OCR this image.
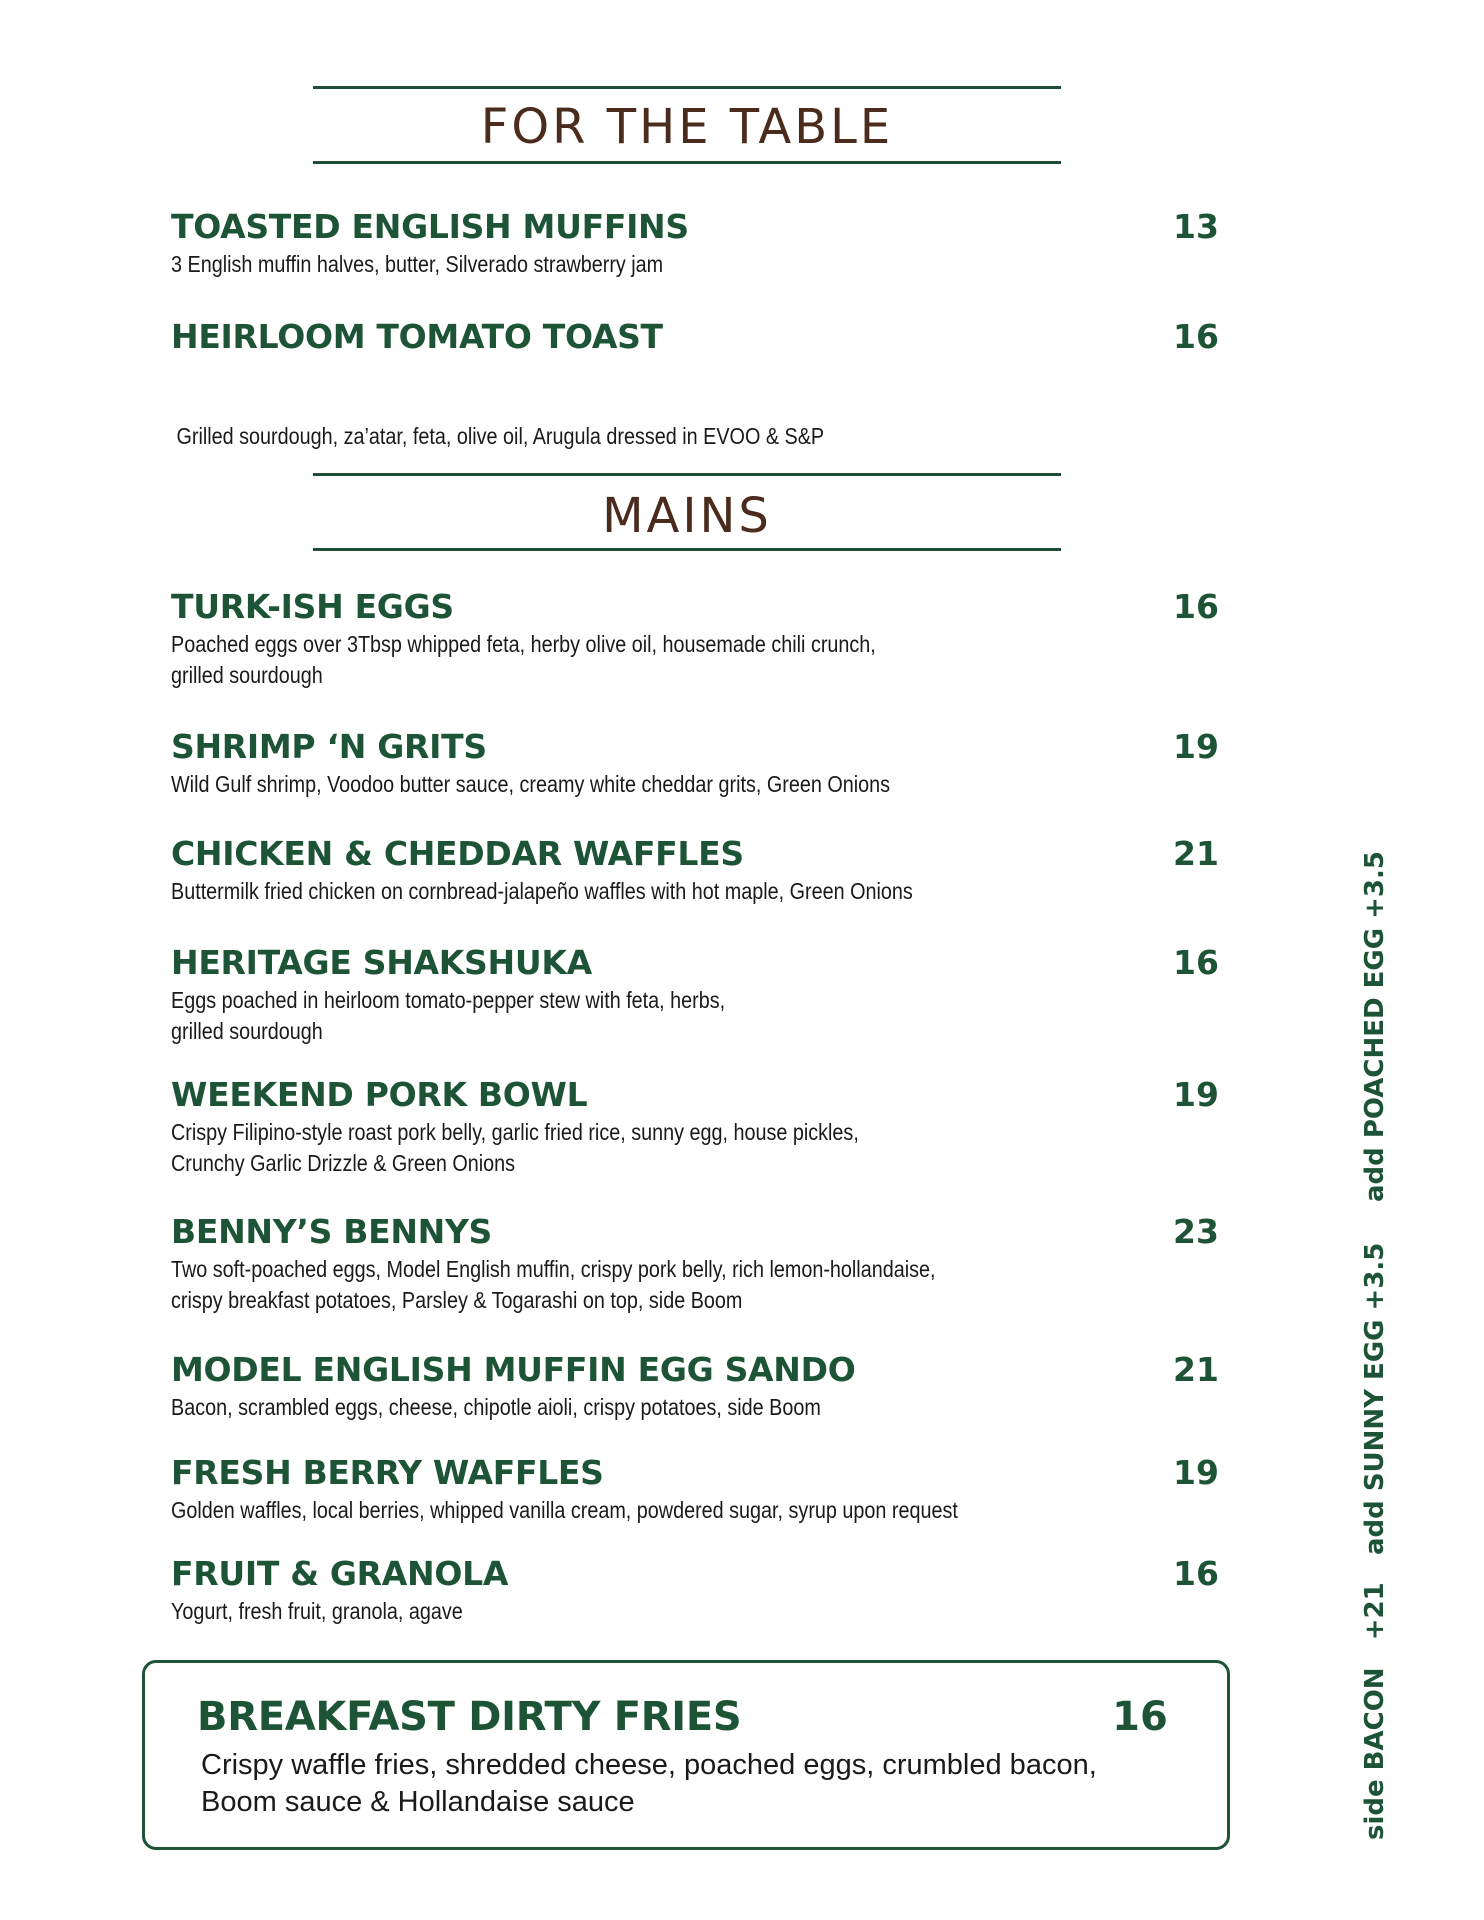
FOR THE TABLE
TOASTED ENGLISH MUFFINS	13
3 English muffin halves, butter, Silverado strawberry jam
HEIRLOOM TOMATO TOAST	16

Grilled sourdough, za’atar, feta, olive oil, Arugula dressed in EVOO & S&P

MAINS
TURK-ISH EGGS	16
Poached eggs over 3Tbsp whipped feta, herby olive oil, housemade chili crunch,
grilled sourdough
SHRIMP ‘N GRITS	19
Wild Gulf shrimp, Voodoo butter sauce, creamy white cheddar grits, Green Onions
CHICKEN & CHEDDAR WAFFLES	21
Buttermilk fried chicken on cornbread-jalapeño waffles with hot maple, Green Onions
HERITAGE SHAKSHUKA	16
Eggs poached in heirloom tomato-pepper stew with feta, herbs,
grilled sourdough
WEEKEND PORK BOWL	19
Crispy Filipino-style roast pork belly, garlic fried rice, sunny egg, house pickles,
Crunchy Garlic Drizzle & Green Onions
BENNY’S BENNYS	23
Two soft-poached eggs, Model English muffin, crispy pork belly, rich lemon-hollandaise,
crispy breakfast potatoes, Parsley & Togarashi on top, side Boom
MODEL ENGLISH MUFFIN EGG SANDO	21
Bacon, scrambled eggs, cheese, chipotle aioli, crispy potatoes, side Boom
FRESH BERRY WAFFLES	19
Golden waffles, local berries, whipped vanilla cream, powdered sugar, syrup upon request
FRUIT & GRANOLA	16
Yogurt, fresh fruit, granola, agave
BREAKFAST DIRTY FRIES	16
Crispy waffle fries, shredded cheese, poached eggs, crumbled bacon,
Boom sauce & Hollandaise sauce	side BACON   +21
add SUNNY EGG +3.5
add POACHED EGG +3.5
